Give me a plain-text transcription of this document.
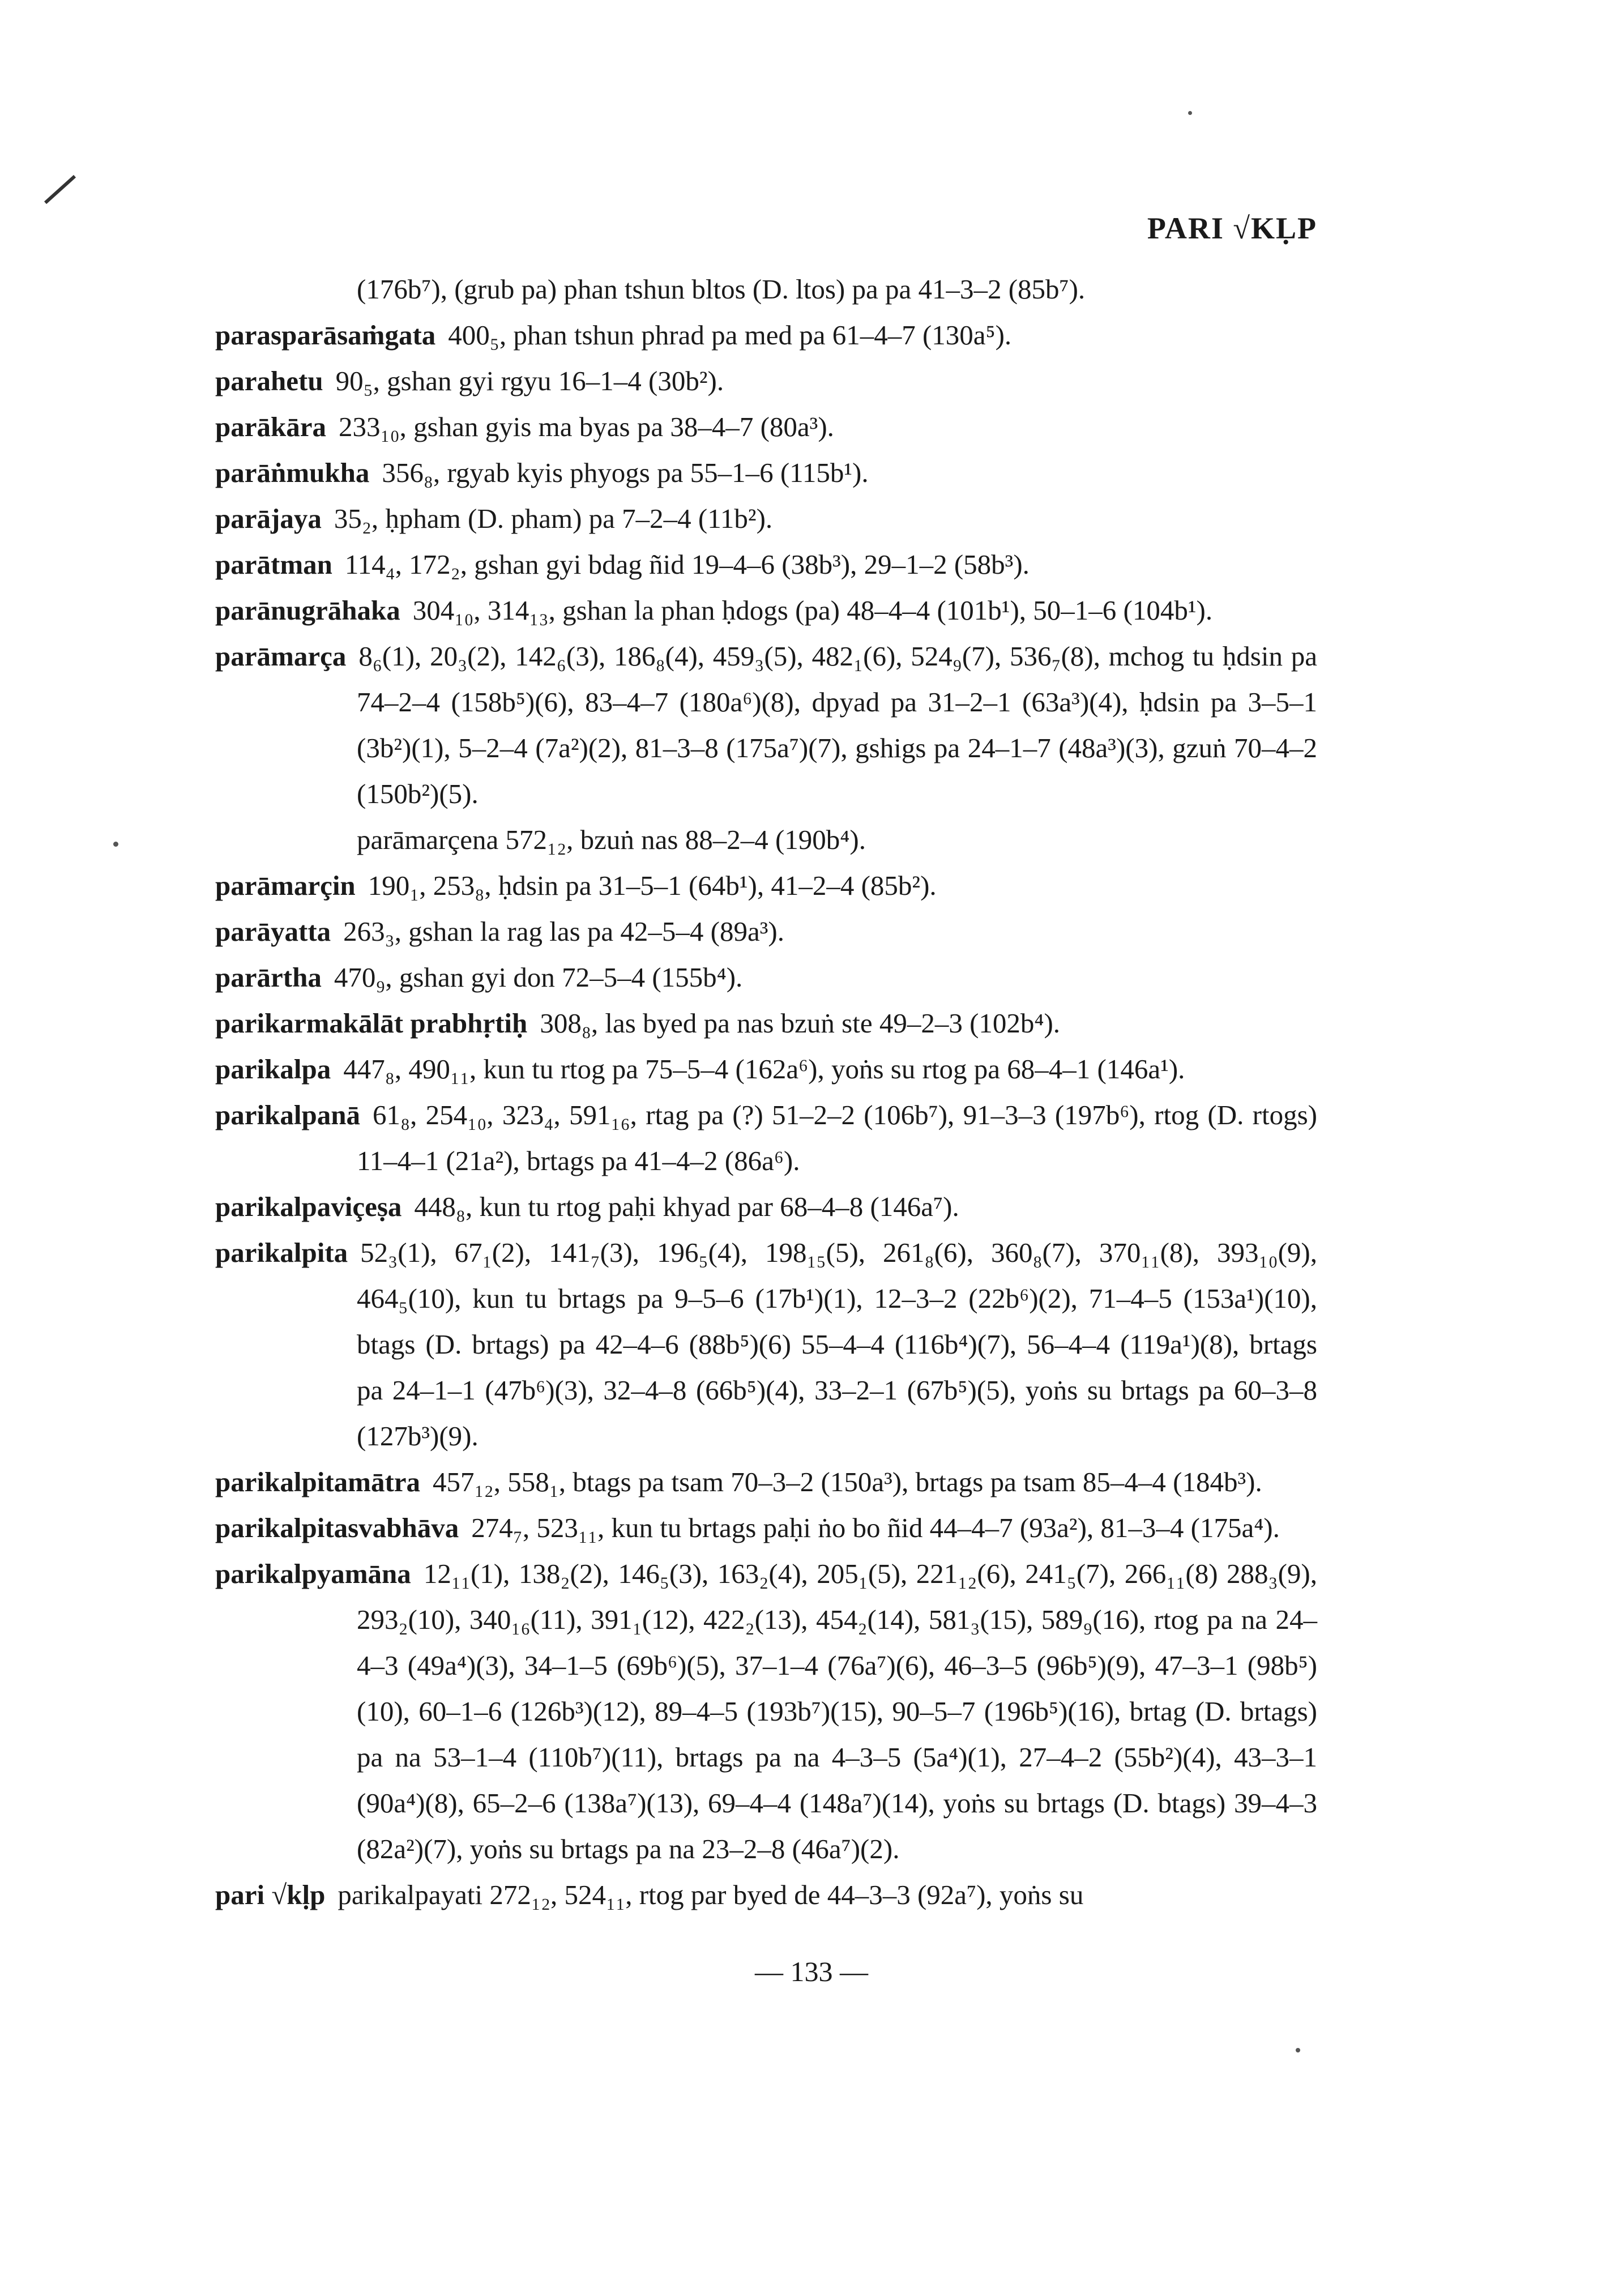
PARI √KḶP

(176b⁷), (grub pa) phan tshun bltos (D. ltos) pa pa 41–3–2 (85b⁷).

parasparāsaṁgata 400₅, phan tshun phrad pa med pa 61–4–7 (130a⁵).

parahetu 90₅, gshan gyi rgyu 16–1–4 (30b²).

parākāra 233₁₀, gshan gyis ma byas pa 38–4–7 (80a³).

parāṅmukha 356₈, rgyab kyis phyogs pa 55–1–6 (115b¹).

parājaya 35₂, ḥpham (D. pham) pa 7–2–4 (11b²).

parātman 114₄, 172₂, gshan gyi bdag ñid 19–4–6 (38b³), 29–1–2 (58b³).

parānugrāhaka 304₁₀, 314₁₃, gshan la phan ḥdogs (pa) 48–4–4 (101b¹), 50–1–6 (104b¹).

parāmarça 8₆(1), 20₃(2), 142₆(3), 186₈(4), 459₃(5), 482₁(6), 524₉(7), 536₇(8), mchog tu ḥdsin pa 74–2–4 (158b⁵)(6), 83–4–7 (180a⁶)(8), dpyad pa 31–2–1 (63a³)(4), ḥdsin pa 3–5–1 (3b²)(1), 5–2–4 (7a²)(2), 81–3–8 (175a⁷)(7), gshigs pa 24–1–7 (48a³)(3), gzuṅ 70–4–2 (150b²)(5).

parāmarçena 572₁₂, bzuṅ nas 88–2–4 (190b⁴).

parāmarçin 190₁, 253₈, ḥdsin pa 31–5–1 (64b¹), 41–2–4 (85b²).

parāyatta 263₃, gshan la rag las pa 42–5–4 (89a³).

parārtha 470₉, gshan gyi don 72–5–4 (155b⁴).

parikarmakālāt prabhṛtiḥ 308₈, las byed pa nas bzuṅ ste 49–2–3 (102b⁴).

parikalpa 447₈, 490₁₁, kun tu rtog pa 75–5–4 (162a⁶), yoṅs su rtog pa 68–4–1 (146a¹).

parikalpanā 61₈, 254₁₀, 323₄, 591₁₆, rtag pa (?) 51–2–2 (106b⁷), 91–3–3 (197b⁶), rtog (D. rtogs) 11–4–1 (21a²), brtags pa 41–4–2 (86a⁶).

parikalpaviçeṣa 448₈, kun tu rtog paḥi khyad par 68–4–8 (146a⁷).

parikalpita 52₃(1), 67₁(2), 141₇(3), 196₅(4), 198₁₅(5), 261₈(6), 360₈(7), 370₁₁(8), 393₁₀(9), 464₅(10), kun tu brtags pa 9–5–6 (17b¹)(1), 12–3–2 (22b⁶)(2), 71–4–5 (153a¹)(10), btags (D. brtags) pa 42–4–6 (88b⁵)(6) 55–4–4 (116b⁴)(7), 56–4–4 (119a¹)(8), brtags pa 24–1–1 (47b⁶)(3), 32–4–8 (66b⁵)(4), 33–2–1 (67b⁵)(5), yoṅs su brtags pa 60–3–8 (127b³)(9).

parikalpitamātra 457₁₂, 558₁, btags pa tsam 70–3–2 (150a³), brtags pa tsam 85–4–4 (184b³).

parikalpitasvabhāva 274₇, 523₁₁, kun tu brtags paḥi ṅo bo ñid 44–4–7 (93a²), 81–3–4 (175a⁴).

parikalpyamāna 12₁₁(1), 138₂(2), 146₅(3), 163₂(4), 205₁(5), 221₁₂(6), 241₅(7), 266₁₁(8) 288₃(9), 293₂(10), 340₁₆(11), 391₁(12), 422₂(13), 454₂(14), 581₃(15), 589₉(16), rtog pa na 24–4–3 (49a⁴)(3), 34–1–5 (69b⁶)(5), 37–1–4 (76a⁷)(6), 46–3–5 (96b⁵)(9), 47–3–1 (98b⁵)(10), 60–1–6 (126b³)(12), 89–4–5 (193b⁷)(15), 90–5–7 (196b⁵)(16), brtag (D. brtags) pa na 53–1–4 (110b⁷)(11), brtags pa na 4–3–5 (5a⁴)(1), 27–4–2 (55b²)(4), 43–3–1 (90a⁴)(8), 65–2–6 (138a⁷)(13), 69–4–4 (148a⁷)(14), yoṅs su brtags (D. btags) 39–4–3 (82a²)(7), yoṅs su brtags pa na 23–2–8 (46a⁷)(2).

pari √kḷp parikalpayati 272₁₂, 524₁₁, rtog par byed de 44–3–3 (92a⁷), yoṅs su

— 133 —
